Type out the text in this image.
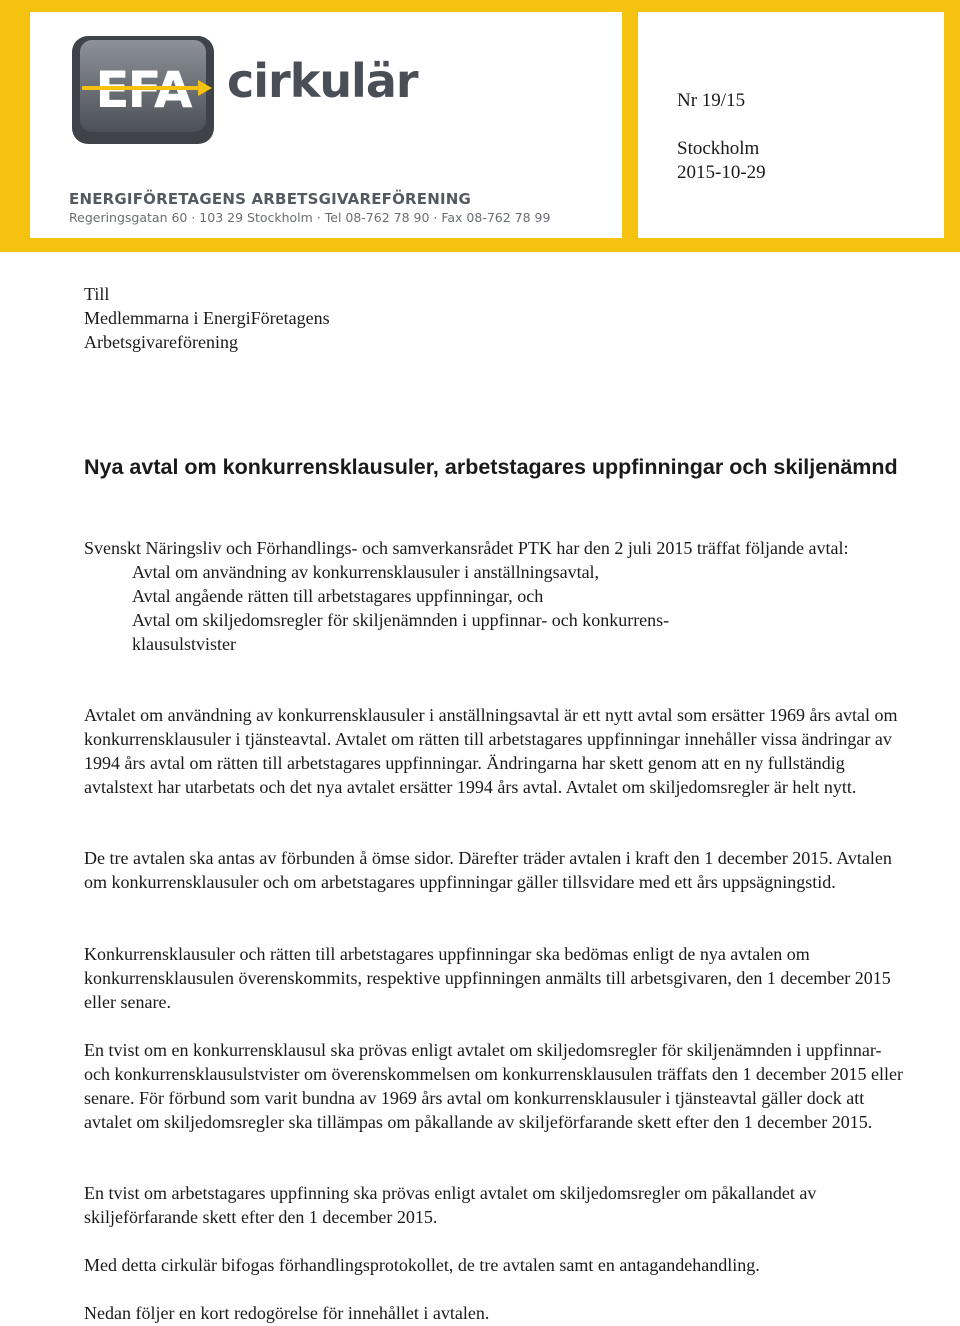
EFA cirkulär
ENERGIFÖRETAGENS ARBETSGIVAREFÖRENING
Regeringsgatan 60 · 103 29 Stockholm · Tel 08-762 78 90 · Fax 08-762 78 99
Nr 19/15
Stockholm
2015-10-29

Till

Medlemmarna i EnergiFöretagens

Arbetsgivareförening

Nya avtal om konkurrensklausuler, arbetstagares uppfinningar och skiljenämnd

Svenskt Näringsliv och Förhandlings- och samverkansrådet PTK har den 2 juli 2015 träffat följande avtal:

Avtal om användning av konkurrensklausuler i anställningsavtal,

Avtal angående rätten till arbetstagares uppfinningar, och

Avtal om skiljedomsregler för skiljenämnden i uppfinnar- och konkurrens-

klausulstvister

Avtalet om användning av konkurrensklausuler i anställningsavtal är ett nytt avtal som ersätter 1969 års avtal om konkurrensklausuler i tjänsteavtal. Avtalet om rätten till arbetstagares uppfinningar innehåller vissa ändringar av 1994 års avtal om rätten till arbetstagares uppfinningar. Ändringarna har skett genom att en ny fullständig avtalstext har utarbetats och det nya avtalet ersätter 1994 års avtal. Avtalet om skiljedomsregler är helt nytt.

De tre avtalen ska antas av förbunden å ömse sidor. Därefter träder avtalen i kraft den 1 december 2015. Avtalen om konkurrensklausuler och om arbetstagares uppfinningar gäller tillsvidare med ett års uppsägningstid.

Konkurrensklausuler och rätten till arbetstagares uppfinningar ska bedömas enligt de nya avtalen om konkurrensklausulen överenskommits, respektive uppfinningen anmälts till arbetsgivaren, den 1 december 2015 eller senare.

En tvist om en konkurrensklausul ska prövas enligt avtalet om skiljedomsregler för skiljenämnden i uppfinnar- och konkurrensklausulstvister om överenskommelsen om konkurrensklausulen träffats den 1 december 2015 eller senare. För förbund som varit bundna av 1969 års avtal om konkurrensklausuler i tjänsteavtal gäller dock att avtalet om skiljedomsregler ska tillämpas om påkallande av skiljeförfarande skett efter den 1 december 2015.

En tvist om arbetstagares uppfinning ska prövas enligt avtalet om skiljedomsregler om påkallandet av skiljeförfarande skett efter den 1 december 2015.

Med detta cirkulär bifogas förhandlingsprotokollet, de tre avtalen samt en antagandehandling.

Nedan följer en kort redogörelse för innehållet i avtalen.
